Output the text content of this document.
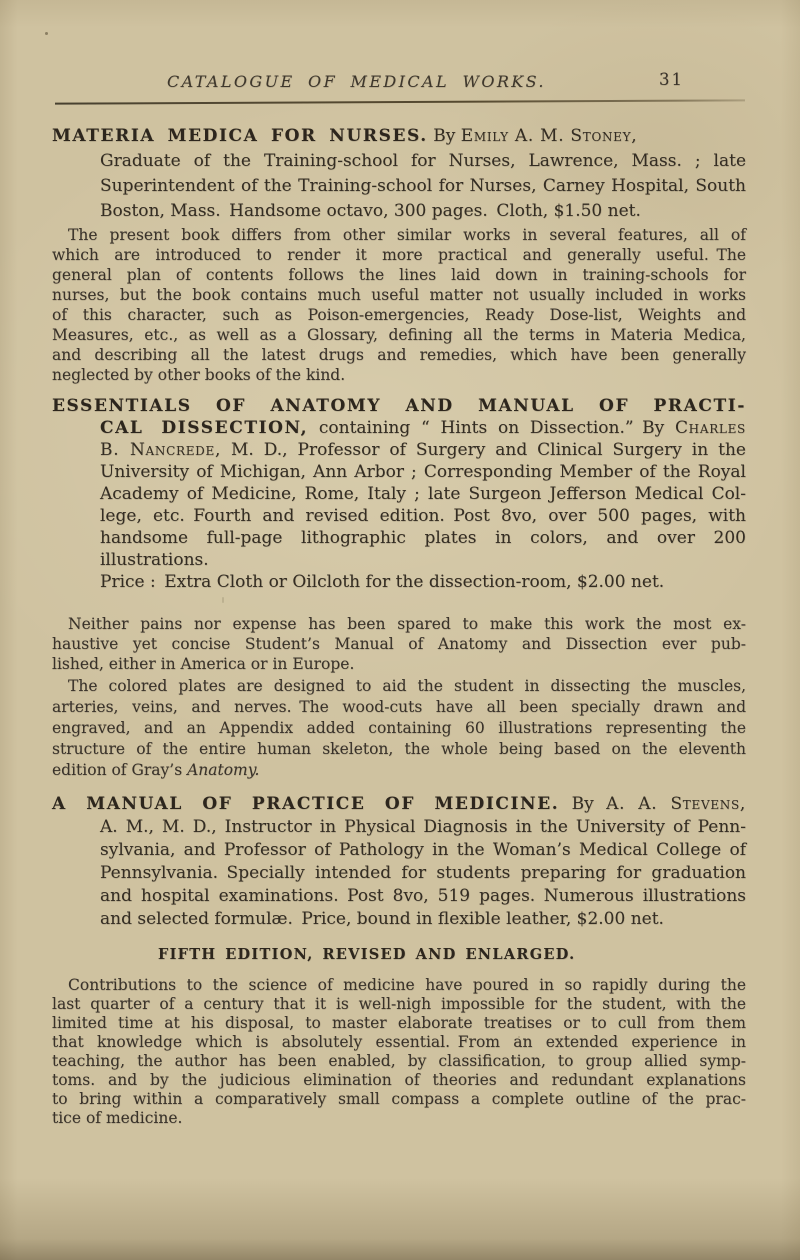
CATALOGUE OF MEDICAL WORKS.	31
MATERIA MEDICA FOR NURSES. By Emily A. M. Stoney,
Graduate of the Training-school for Nurses, Lawrence, Mass. ; late
Superintendent of the Training-school for Nurses, Carney Hospital, South
Boston, Mass. Handsome octavo, 300 pages. Cloth, $1.50 net.
The present book differs from other similar works in several features, all of
which are introduced to render it more practical and generally useful. The
general plan of contents follows the lines laid down in training-schools for
nurses, but the book contains much useful matter not usually included in works
of this character, such as Poison-emergencies, Ready Dose-list, Weights and
Measures, etc., as well as a Glossary, defining all the terms in Materia Medica,
and describing all the latest drugs and remedies, which have been generally
neglected by other books of the kind.
ESSENTIALS OF ANATOMY AND MANUAL OF PRACTI-
CAL DISSECTION, containing “ Hints on Dissection.” By Charles
B. Nancrede, M. D., Professor of Surgery and Clinical Surgery in the
University of Michigan, Ann Arbor ; Corresponding Member of the Royal
Academy of Medicine, Rome, Italy ; late Surgeon Jefferson Medical Col-
lege, etc. Fourth and revised edition. Post 8vo, over 500 pages, with
handsome full-page lithographic plates in colors, and over 200 illustrations.
Price : Extra Cloth or Oilcloth for the dissection-room, $2.00 net.
Neither pains nor expense has been spared to make this work the most ex-
haustive yet concise Student’s Manual of Anatomy and Dissection ever pub-
lished, either in America or in Europe.
The colored plates are designed to aid the student in dissecting the muscles,
arteries, veins, and nerves. The wood-cuts have all been specially drawn and
engraved, and an Appendix added containing 60 illustrations representing the
structure of the entire human skeleton, the whole being based on the eleventh
edition of Gray’s Anatomy.
A MANUAL OF PRACTICE OF MEDICINE. By A. A. Stevens,
A. M., M. D., Instructor in Physical Diagnosis in the University of Penn-
sylvania, and Professor of Pathology in the Woman’s Medical College of
Pennsylvania. Specially intended for students preparing for graduation
and hospital examinations. Post 8vo, 519 pages. Numerous illustrations
and selected formulæ. Price, bound in flexible leather, $2.00 net.
FIFTH EDITION, REVISED AND ENLARGED.
Contributions to the science of medicine have poured in so rapidly during the
last quarter of a century that it is well-nigh impossible for the student, with the
limited time at his disposal, to master elaborate treatises or to cull from them
that knowledge which is absolutely essential. From an extended experience in
teaching, the author has been enabled, by classification, to group allied symp-
toms. and by the judicious elimination of theories and redundant explanations
to bring within a comparatively small compass a complete outline of the prac-
tice of medicine.
